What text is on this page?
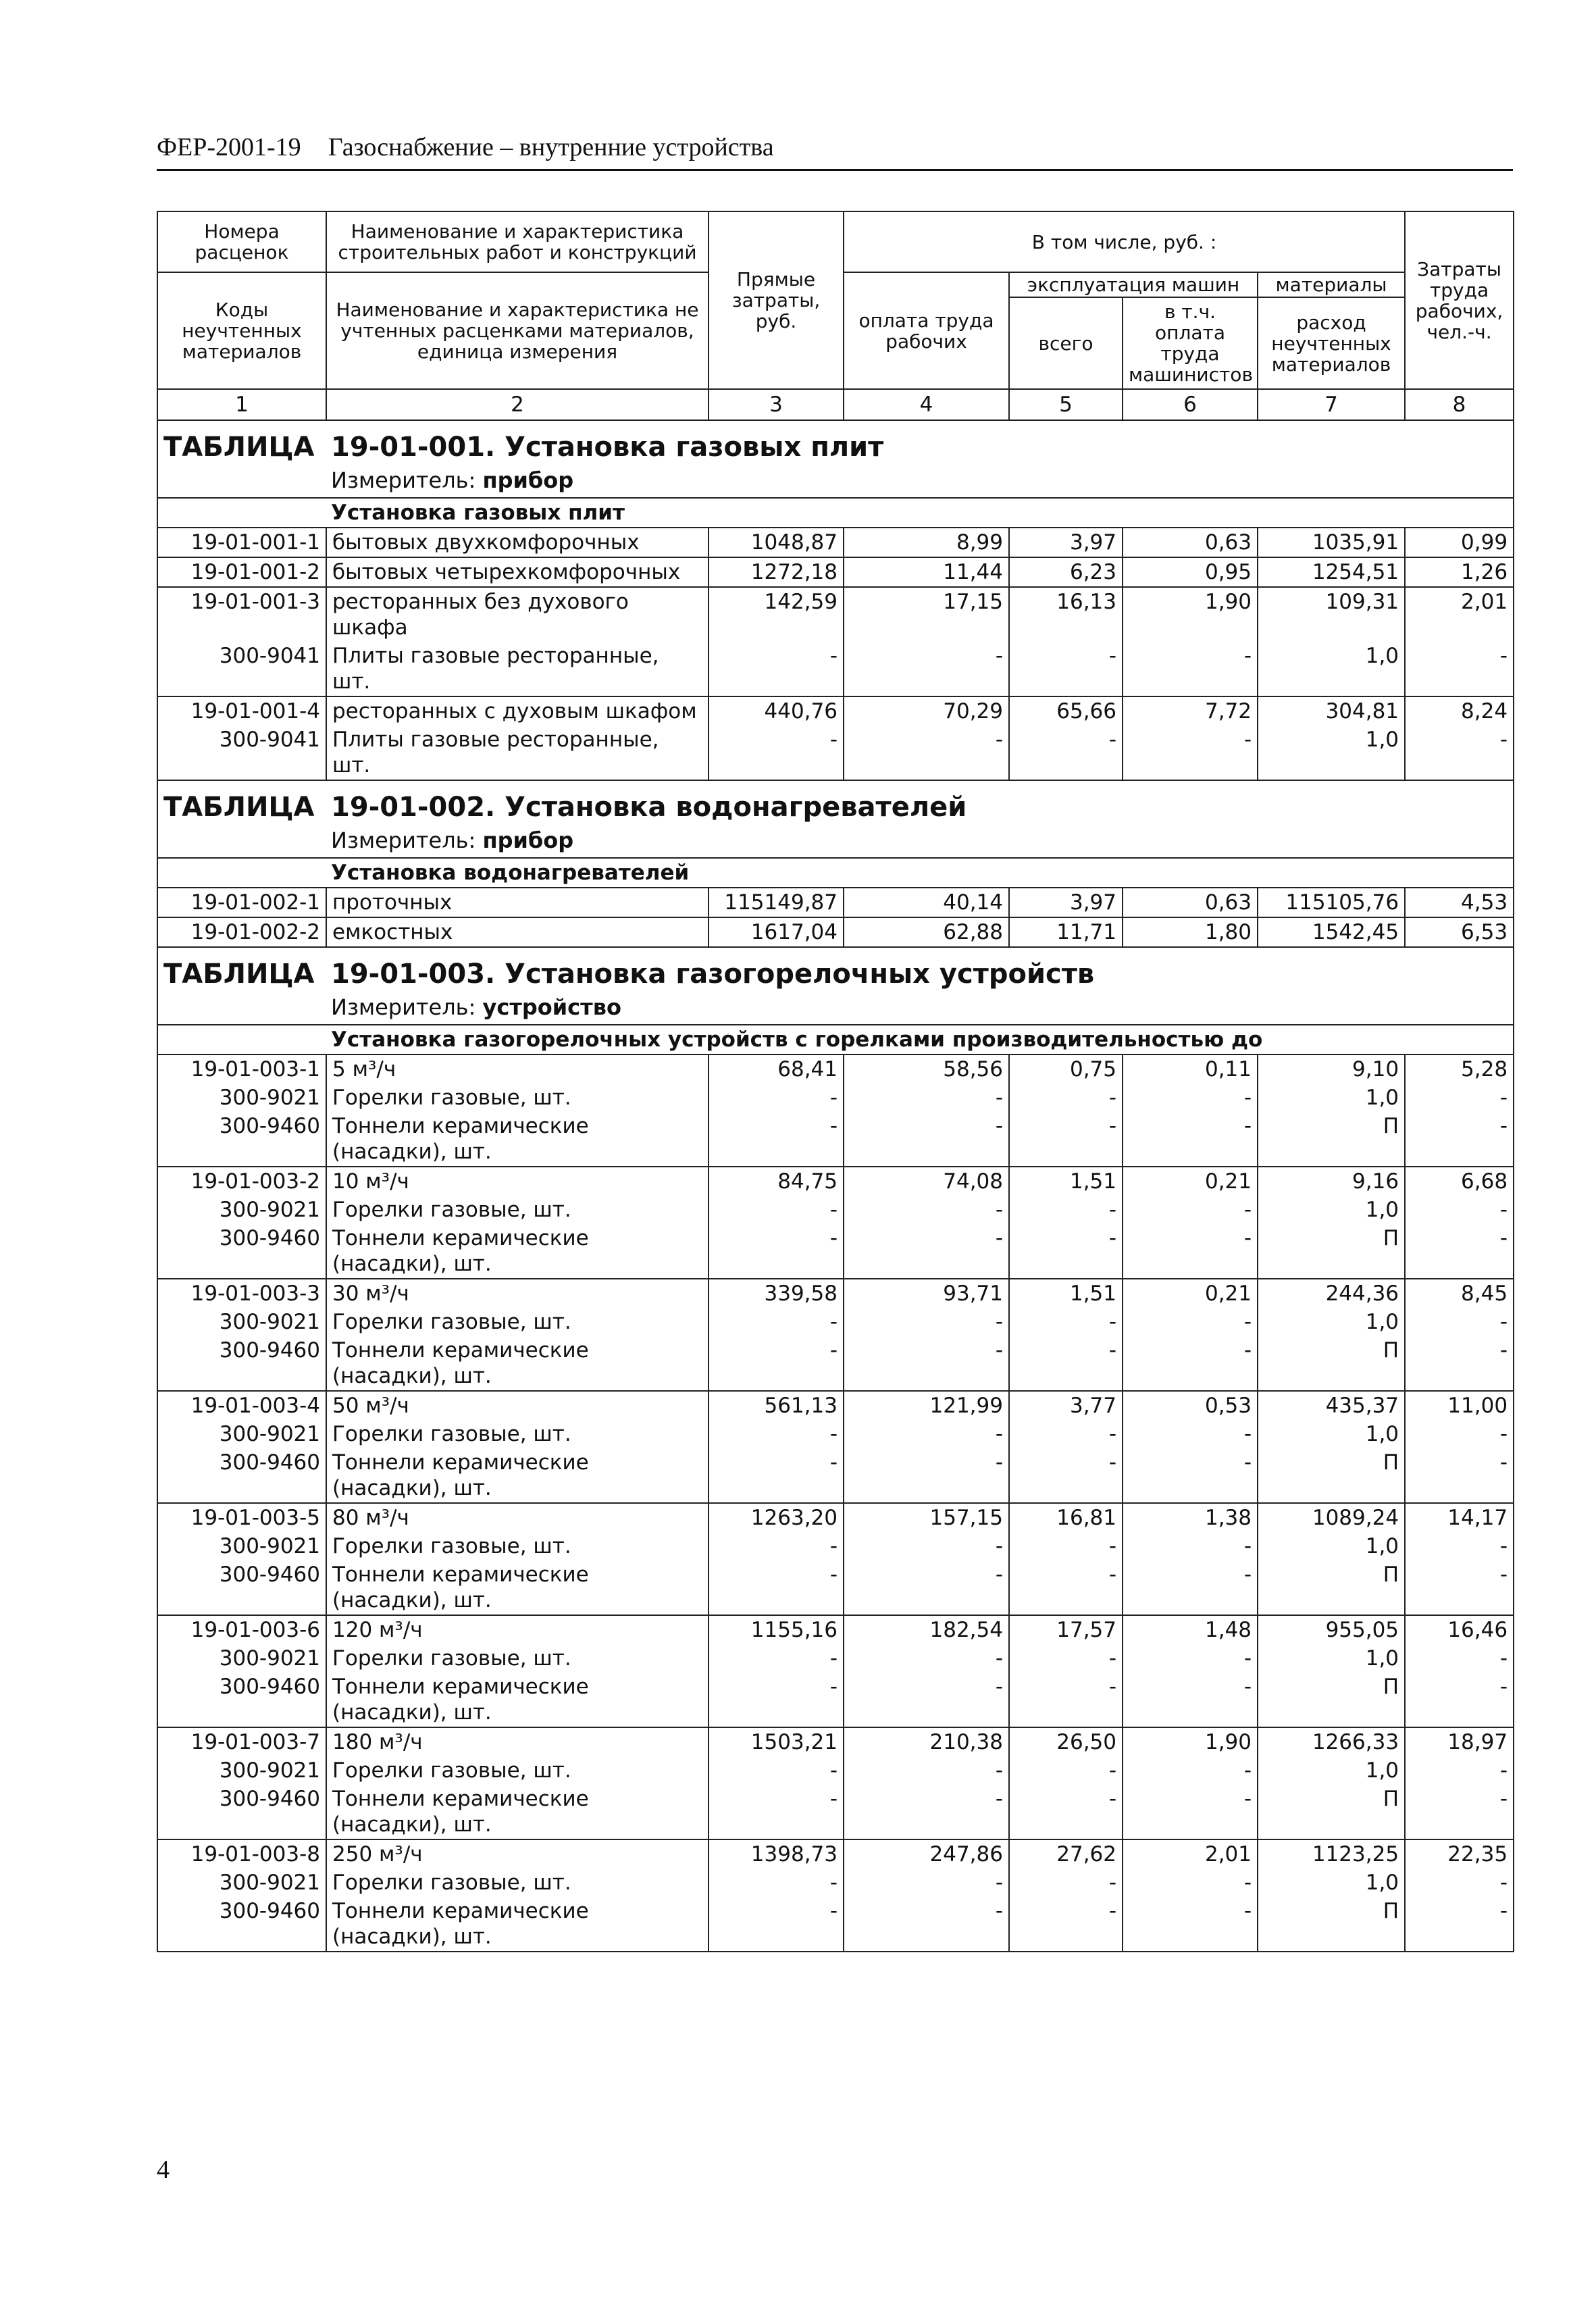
ФЕР-2001-19 Газоснабжение – внутренние устройства
Номера расценок	Наименование и характеристика строительных работ и конструкций	Прямые затраты, руб.	В том числе, руб. :				Затраты труда рабочих, чел.-ч.
Коды неучтенных материалов	Наименование и характеристика не учтенных расценками материалов, единица измерения		оплата труда рабочих	эксплуатация машин		материалы	
				всего	в т.ч. оплата труда машинистов	расход неучтенных материалов	
1	2	3	4	5	6	7	8
ТАБЛИЦА 19-01-001. Установка газовых плит							
Измеритель: прибор							
Установка газовых плит							
19-01-001-1	бытовых двухкомфорочных	1048,87	8,99	3,97	0,63	1035,91	0,99
19-01-001-2	бытовых четырехкомфорочных	1272,18	11,44	6,23	0,95	1254,51	1,26
19-01-001-3	ресторанных без духового шкафа	142,59	17,15	16,13	1,90	109,31	2,01
300-9041	Плиты газовые ресторанные, шт.	-	-	-	-	1,0	-
19-01-001-4	ресторанных с духовым шкафом	440,76	70,29	65,66	7,72	304,81	8,24
300-9041	Плиты газовые ресторанные, шт.	-	-	-	-	1,0	-
ТАБЛИЦА 19-01-002. Установка водонагревателей							
Измеритель: прибор							
Установка водонагревателей							
19-01-002-1	проточных	115149,87	40,14	3,97	0,63	115105,76	4,53
19-01-002-2	емкостных	1617,04	62,88	11,71	1,80	1542,45	6,53
ТАБЛИЦА 19-01-003. Установка газогорелочных устройств							
Измеритель: устройство							
Установка газогорелочных устройств с горелками производительностью до							
19-01-003-1	5 м³/ч	68,41	58,56	0,75	0,11	9,10	5,28
300-9021	Горелки газовые, шт.	-	-	-	-	1,0	-
300-9460	Тоннели керамические (насадки), шт.	-	-	-	-	П	-
19-01-003-2	10 м³/ч	84,75	74,08	1,51	0,21	9,16	6,68
300-9021	Горелки газовые, шт.	-	-	-	-	1,0	-
300-9460	Тоннели керамические (насадки), шт.	-	-	-	-	П	-
19-01-003-3	30 м³/ч	339,58	93,71	1,51	0,21	244,36	8,45
300-9021	Горелки газовые, шт.	-	-	-	-	1,0	-
300-9460	Тоннели керамические (насадки), шт.	-	-	-	-	П	-
19-01-003-4	50 м³/ч	561,13	121,99	3,77	0,53	435,37	11,00
300-9021	Горелки газовые, шт.	-	-	-	-	1,0	-
300-9460	Тоннели керамические (насадки), шт.	-	-	-	-	П	-
19-01-003-5	80 м³/ч	1263,20	157,15	16,81	1,38	1089,24	14,17
300-9021	Горелки газовые, шт.	-	-	-	-	1,0	-
300-9460	Тоннели керамические (насадки), шт.	-	-	-	-	П	-
19-01-003-6	120 м³/ч	1155,16	182,54	17,57	1,48	955,05	16,46
300-9021	Горелки газовые, шт.	-	-	-	-	1,0	-
300-9460	Тоннели керамические (насадки), шт.	-	-	-	-	П	-
19-01-003-7	180 м³/ч	1503,21	210,38	26,50	1,90	1266,33	18,97
300-9021	Горелки газовые, шт.	-	-	-	-	1,0	-
300-9460	Тоннели керамические (насадки), шт.	-	-	-	-	П	-
19-01-003-8	250 м³/ч	1398,73	247,86	27,62	2,01	1123,25	22,35
300-9021	Горелки газовые, шт.	-	-	-	-	1,0	-
300-9460	Тоннели керамические (насадки), шт.	-	-	-	-	П	-
4
